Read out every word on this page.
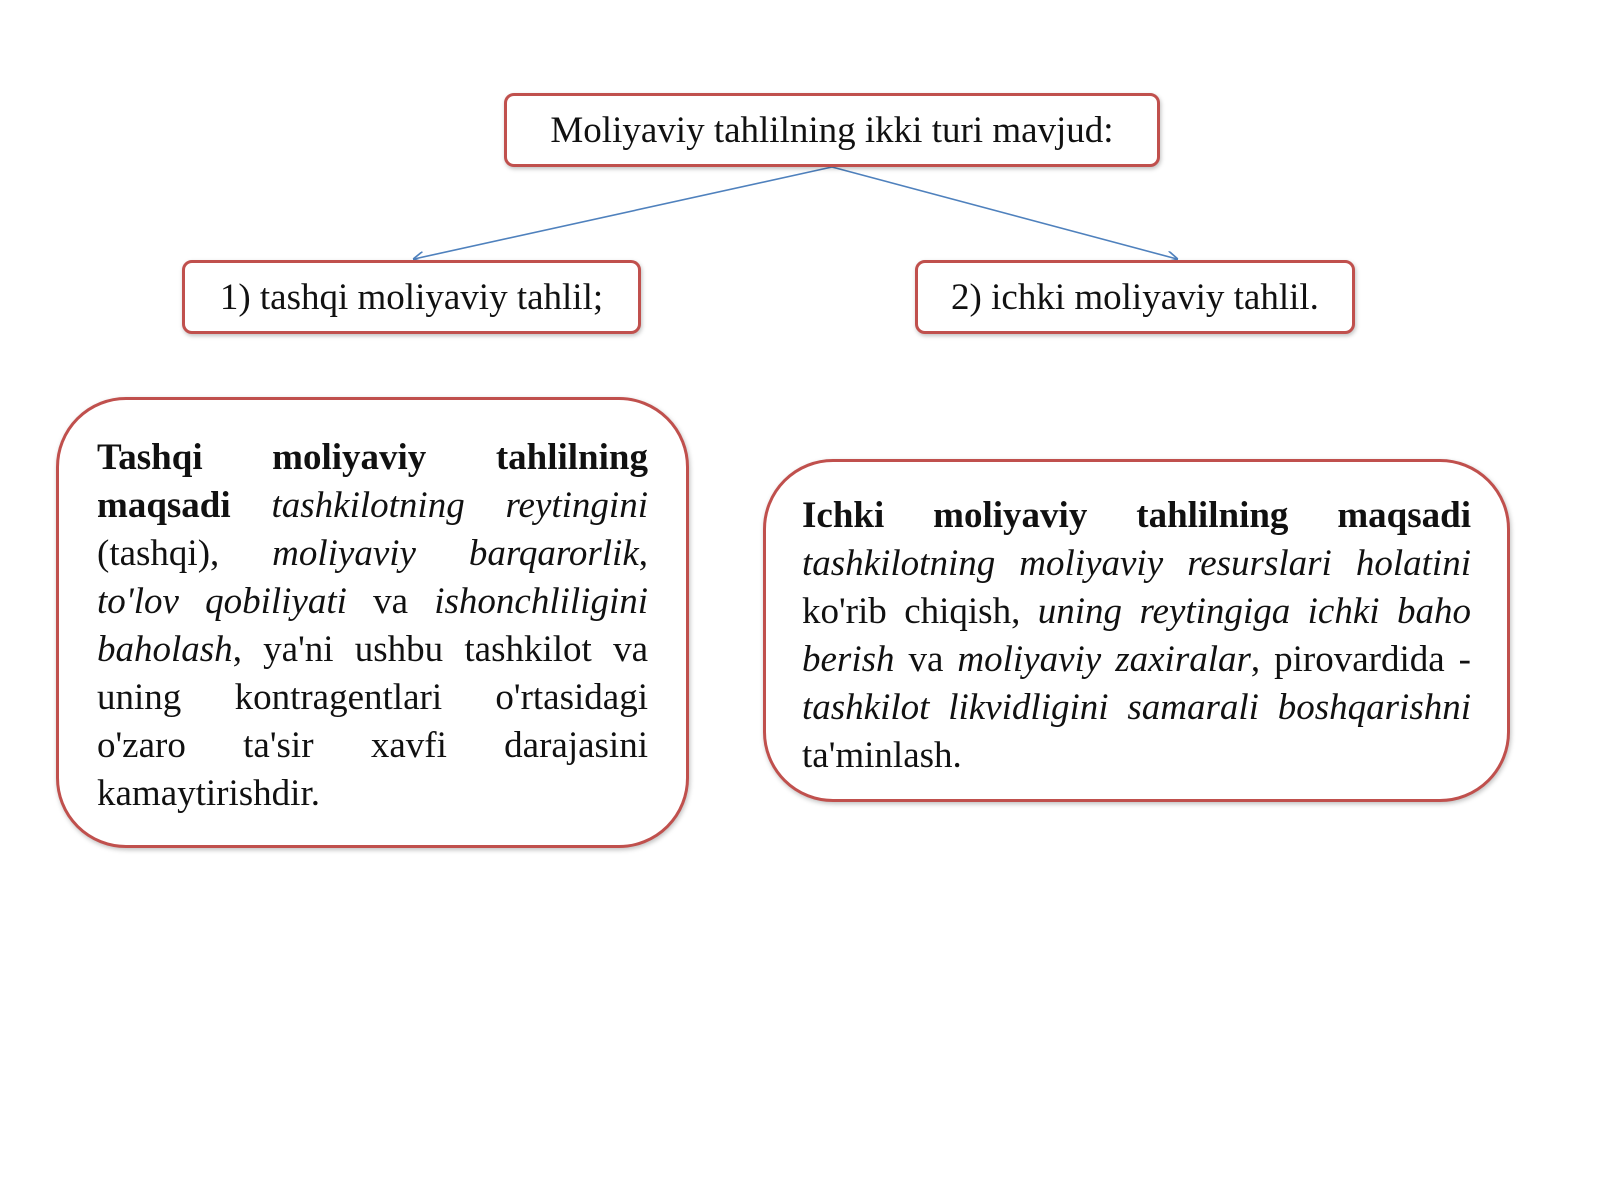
Moliyaviy tahlilning ikki turi mavjud:
1) tashqi moliyaviy tahlil;	2) ichki moliyaviy tahlil.
Tashqi moliyaviy tahlilning maqsadi tashkilotning reytingini (tashqi), moliyaviy barqarorlik, to'lov qobiliyati va ishonchliligini baholash, ya'ni ushbu tashkilot va uning kontragentlari o'rtasidagi o'zaro ta'sir xavfi darajasini kamaytirishdir.
Ichki moliyaviy tahlilning maqsadi tashkilotning moliyaviy resurslari holatini ko'rib chiqish, uning reytingiga ichki baho berish va moliyaviy zaxiralar, pirovardida - tashkilot likvidligini samarali boshqarishni ta'minlash.
